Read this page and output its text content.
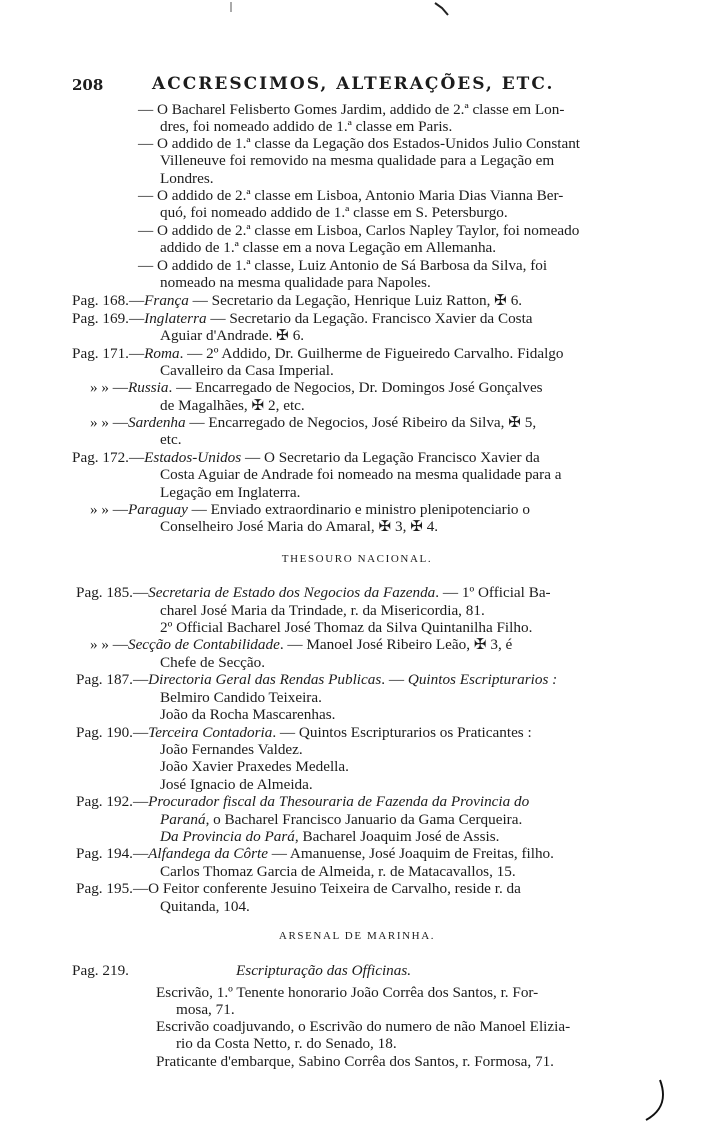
208	ACCRESCIMOS, ALTERAÇÕES, ETC.
— O Bacharel Felisberto Gomes Jardim, addido de 2.ª classe em Lon-
dres, foi nomeado addido de 1.ª classe em Paris.
— O addido de 1.ª classe da Legação dos Estados-Unidos Julio Constant
Villeneuve foi removido na mesma qualidade para a Legação em
Londres.
— O addido de 2.ª classe em Lisboa, Antonio Maria Dias Vianna Ber-
quó, foi nomeado addido de 1.ª classe em S. Petersburgo.
— O addido de 2.ª classe em Lisboa, Carlos Napley Taylor, foi nomeado
addido de 1.ª classe em a nova Legação em Allemanha.
— O addido de 1.ª classe, Luiz Antonio de Sá Barbosa da Silva, foi
nomeado na mesma qualidade para Napoles.
Pag. 168.—França — Secretario da Legação, Henrique Luiz Ratton, ✠ 6.
Pag. 169.—Inglaterra — Secretario da Legação. Francisco Xavier da Costa
Aguiar d'Andrade. ✠ 6.
Pag. 171.—Roma. — 2º Addido, Dr. Guilherme de Figueiredo Carvalho. Fidalgo
Cavalleiro da Casa Imperial.
» » —Russia. — Encarregado de Negocios, Dr. Domingos José Gonçalves
de Magalhães, ✠ 2, etc.
» » —Sardenha — Encarregado de Negocios, José Ribeiro da Silva, ✠ 5,
etc.
Pag. 172.—Estados-Unidos — O Secretario da Legação Francisco Xavier da
Costa Aguiar de Andrade foi nomeado na mesma qualidade para a
Legação em Inglaterra.
» » —Paraguay — Enviado extraordinario e ministro plenipotenciario o
Conselheiro José Maria do Amaral, ✠ 3, ✠ 4.
THESOURO NACIONAL.
Pag. 185.—Secretaria de Estado dos Negocios da Fazenda. — 1º Official Ba-
charel José Maria da Trindade, r. da Misericordia, 81.
2º Official Bacharel José Thomaz da Silva Quintanilha Filho.
» » —Secção de Contabilidade. — Manoel José Ribeiro Leão, ✠ 3, é
Chefe de Secção.
Pag. 187.—Directoria Geral das Rendas Publicas. — Quintos Escripturarios :
Belmiro Candido Teixeira.
João da Rocha Mascarenhas.
Pag. 190.—Terceira Contadoria. — Quintos Escripturarios os Praticantes :
João Fernandes Valdez.
João Xavier Praxedes Medella.
José Ignacio de Almeida.
Pag. 192.—Procurador fiscal da Thesouraria de Fazenda da Provincia do
Paraná, o Bacharel Francisco Januario da Gama Cerqueira.
Da Provincia do Pará, Bacharel Joaquim José de Assis.
Pag. 194.—Alfandega da Côrte — Amanuense, José Joaquim de Freitas, filho.
Carlos Thomaz Garcia de Almeida, r. de Matacavallos, 15.
Pag. 195.—O Feitor conferente Jesuino Teixeira de Carvalho, reside r. da
Quitanda, 104.
ARSENAL DE MARINHA.
Pag. 219.	Escripturação das Officinas.
Escrivão, 1.º Tenente honorario João Corrêa dos Santos, r. For-
mosa, 71.
Escrivão coadjuvando, o Escrivão do numero de não Manoel Elizia-
rio da Costa Netto, r. do Senado, 18.
Praticante d'embarque, Sabino Corrêa dos Santos, r. Formosa, 71.
